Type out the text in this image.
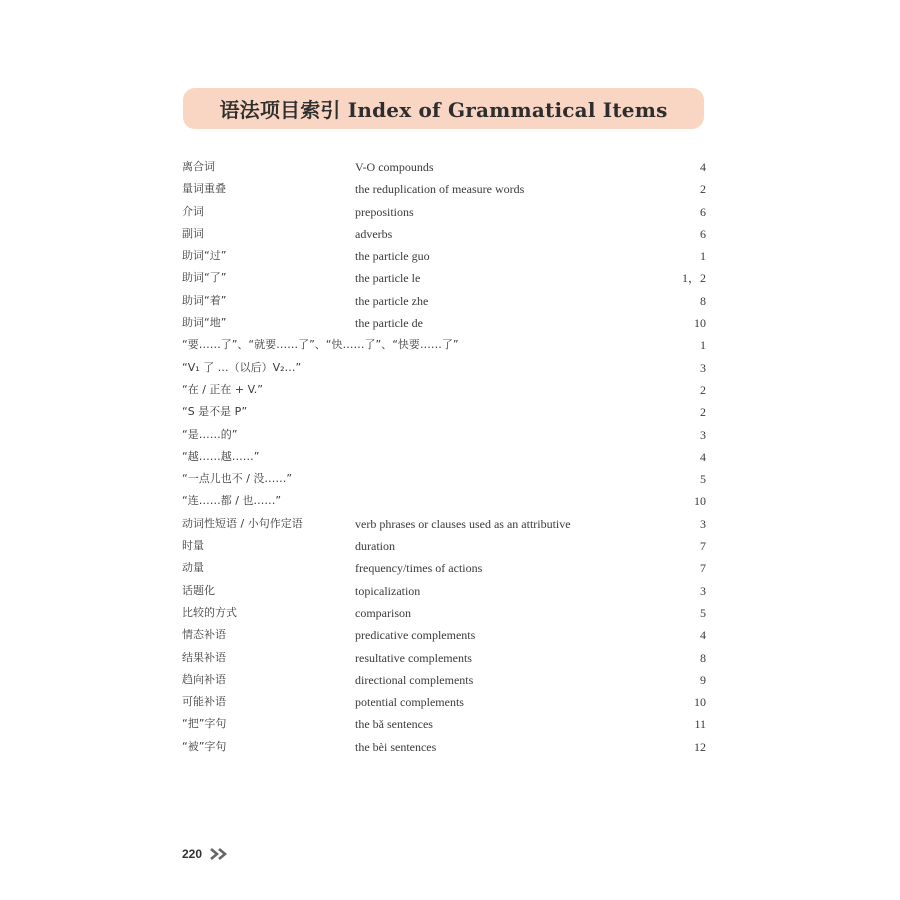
语法项目索引 Index of Grammatical Items
离合词	V-O compounds	4
量词重叠	the reduplication of measure words	2
介词	prepositions	6
副词	adverbs	6
助词“过”	the particle guo	1
助词“了”	the particle le	1，2
助词“着”	the particle zhe	8
助词“地”	the particle de	10
“要……了”、“就要……了”、“快……了”、“快要……了”	1
“V₁ 了 …（以后）V₂…”	3
“在 / 正在 + V.”	2
“S 是不是 P”	2
“是……的”	3
“越……越……”	4
“一点儿也不 / 没……”	5
“连……都 / 也……”	10
动词性短语 / 小句作定语	verb phrases or clauses used as an attributive	3
时量	duration	7
动量	frequency/times of actions	7
话题化	topicalization	3
比较的方式	comparison	5
情态补语	predicative complements	4
结果补语	resultative complements	8
趋向补语	directional complements	9
可能补语	potential complements	10
“把”字句	the bǎ sentences	11
“被”字句	the bèi sentences	12
220
